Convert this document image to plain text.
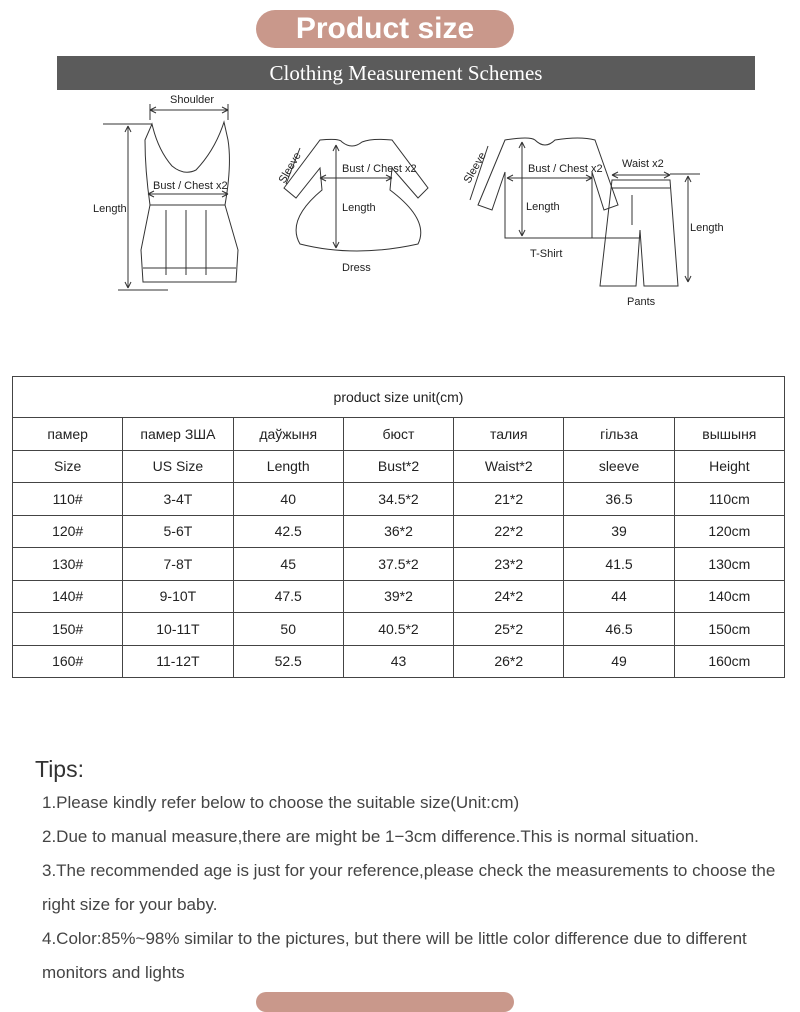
Product size
Clothing Measurement Schemes
Shoulder
Bust / Chest x2
Length
Sleeve	Bust / Chest x2
Length
Dress
Sleeve	Bust / Chest x2
Length
T-Shirt
Waist x2
Length
Pants
product size unit(cm)						
памер	памер ЗША	даўжыня	бюст	талия	гільза	вышыня
Size	US Size	Length	Bust*2	Waist*2	sleeve	Height
110#	3-4T	40	34.5*2	21*2	36.5	110cm
120#	5-6T	42.5	36*2	22*2	39	120cm
130#	7-8T	45	37.5*2	23*2	41.5	130cm
140#	9-10T	47.5	39*2	24*2	44	140cm
150#	10-11T	50	40.5*2	25*2	46.5	150cm
160#	11-12T	52.5	43	26*2	49	160cm
Tips:
1.Please kindly refer below to choose the suitable size(Unit:cm)
2.Due to manual measure,there are might be 1−3cm difference.This is normal situation.
3.The recommended age is just for your reference,please check the measurements to choose the right size for your baby.
4.Color:85%~98% similar to the pictures, but there will be little color difference due to different monitors and lights
